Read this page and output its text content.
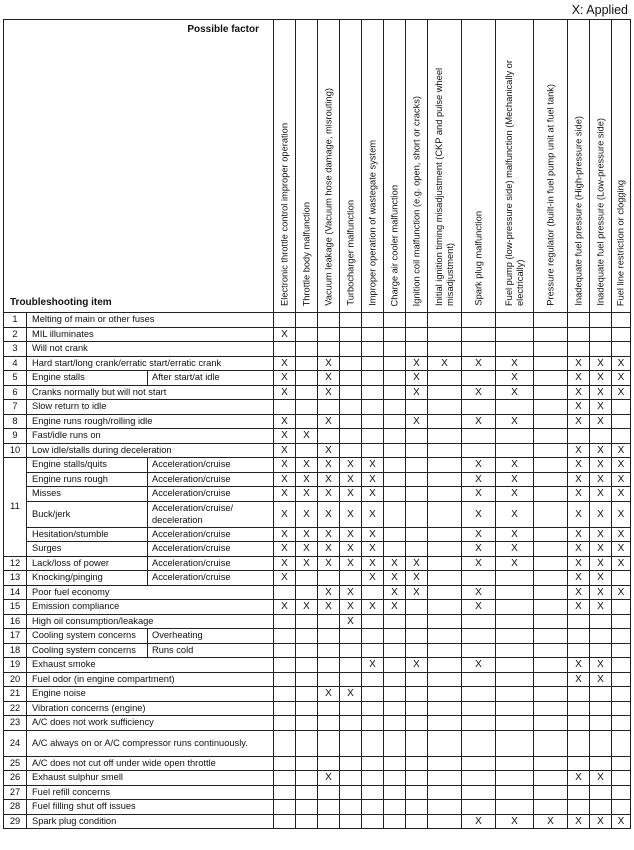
X: Applied
Possible factor
Troubleshooting item			Electronic throttle control improper operation	Throttle body malfunction	Vacuum leakage (Vacuum hose damage, misrouting)	Turbocharger malfunction	Improper operation of wastegate system	Charge air cooler malfunction	Ignition coil malfunction (e.g. open, short or cracks)	Initial ignition timing misadjustment (CKP and pulse wheel misadjustment)	Spark plug malfunction	Fuel pump (low-pressure side) malfunction (Mechanically or electrically)	Pressure regulator (built-in fuel pump unit at fuel tank)	Inadequate fuel pressure (High-pressure side)	Inadequate fuel pressure (Low-pressure side)	Fuel line restriction or clogging

1	Melting of main or other fuses															
2	MIL illuminates		X													
3	Will not crank															
4	Hard start/long crank/erratic start/erratic crank		X		X				X	X	X	X		X	X	X
5	Engine stalls	After start/at idle	X		X				X			X		X	X	X
6	Cranks normally but will not start		X		X				X		X	X		X	X	X
7	Slow return to idle													X	X	
8	Engine runs rough/rolling idle		X		X				X		X	X		X	X	
9	Fast/idle runs on		X	X												
10	Low idle/stalls during deceleration		X		X									X	X	X
11	Engine stalls/quits	Acceleration/cruise	X	X	X	X	X				X	X		X	X	X
	Engine runs rough	Acceleration/cruise	X	X	X	X	X				X	X		X	X	X
	Misses	Acceleration/cruise	X	X	X	X	X				X	X		X	X	X
	Buck/jerk	Acceleration/cruise/ deceleration	X	X	X	X	X				X	X		X	X	X
	Hesitation/stumble	Acceleration/cruise	X	X	X	X	X				X	X		X	X	X
	Surges	Acceleration/cruise	X	X	X	X	X				X	X		X	X	X
12	Lack/loss of power	Acceleration/cruise	X	X	X	X	X	X	X		X	X		X	X	X
13	Knocking/pinging	Acceleration/cruise	X				X	X	X					X	X	
14	Poor fuel economy				X	X		X	X		X			X	X	X
15	Emission compliance		X	X	X	X	X	X			X			X	X	
16	High oil consumption/leakage					X										
17	Cooling system concerns	Overheating														
18	Cooling system concerns	Runs cold														
19	Exhaust smoke						X		X		X			X	X	
20	Fuel odor (in engine compartment)													X	X	
21	Engine noise				X	X										
22	Vibration concerns (engine)															
23	A/C does not work sufficiency															
24	A/C always on or A/C compressor runs continuously.															
25	A/C does not cut off under wide open throttle															
26	Exhaust sulphur smell				X									X	X	
27	Fuel refill concerns															
28	Fuel filling shut off issues															
29	Spark plug condition										X	X	X	X	X	X
